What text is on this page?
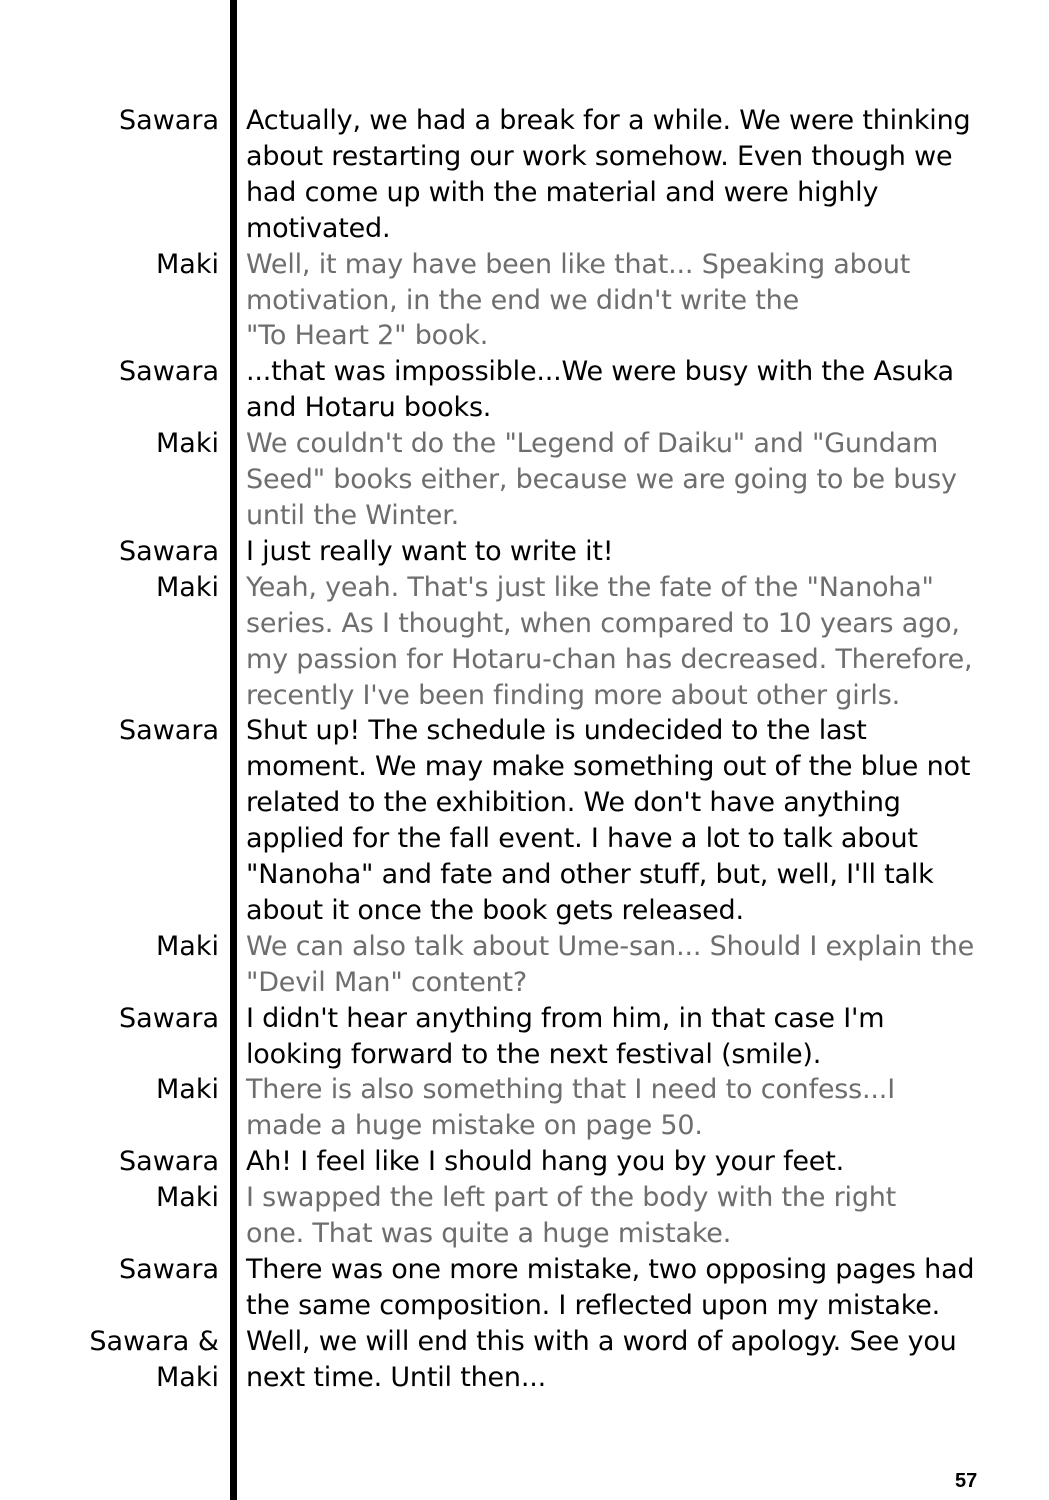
Sawara Actually, we had a break for a while. We were thinking
about restarting our work somehow. Even though we
had come up with the material and were highly
motivated.
Maki Well, it may have been like that... Speaking about
motivation, in the end we didn't write the
"To Heart 2" book.
Sawara ...that was impossible...We were busy with the Asuka
and Hotaru books.
Maki We couldn't do the "Legend of Daiku" and "Gundam
Seed" books either, because we are going to be busy
until the Winter.
Sawara I just really want to write it!
Maki Yeah, yeah. That's just like the fate of the "Nanoha"
series. As I thought, when compared to 10 years ago,
my passion for Hotaru-chan has decreased. Therefore,
recently I've been finding more about other girls.
Sawara Shut up! The schedule is undecided to the last
moment. We may make something out of the blue not
related to the exhibition. We don't have anything
applied for the fall event. I have a lot to talk about
"Nanoha" and fate and other stuff, but, well, I'll talk
about it once the book gets released.
Maki We can also talk about Ume-san... Should I explain the
"Devil Man" content?
Sawara I didn't hear anything from him, in that case I'm
looking forward to the next festival (smile).
Maki There is also something that I need to confess...I
made a huge mistake on page 50.
Sawara Ah! I feel like I should hang you by your feet.
Maki I swapped the left part of the body with the right
one. That was quite a huge mistake.
Sawara There was one more mistake, two opposing pages had
the same composition. I reflected upon my mistake.
Sawara &
Maki
Well, we will end this with a word of apology. See you
next time. Until then...
57
